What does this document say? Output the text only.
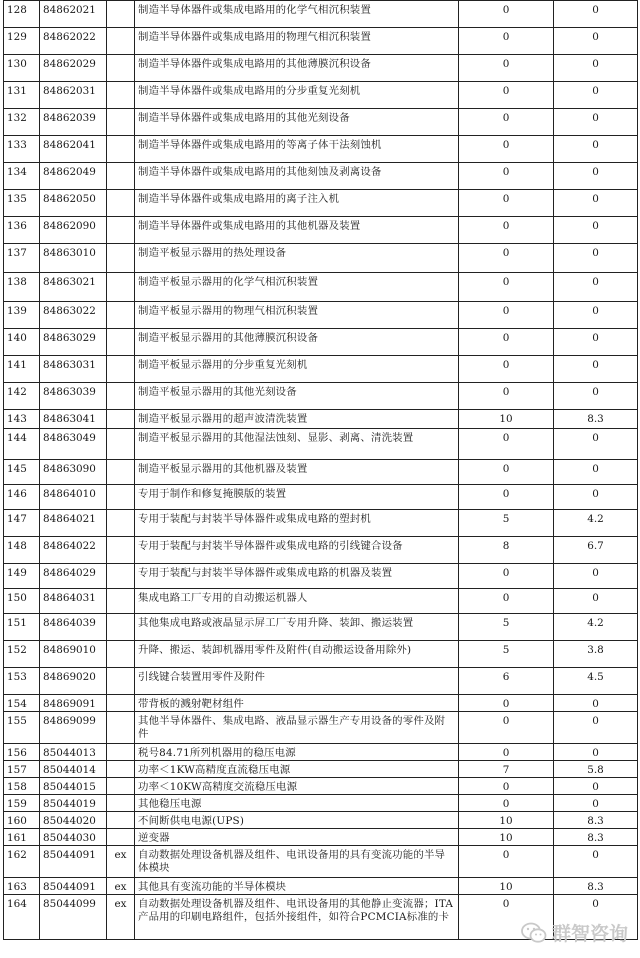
128	84862021		制造半导体器件或集成电路用的化学气相沉积装置	0	0
129	84862022		制造半导体器件或集成电路用的物理气相沉积装置	0	0
130	84862029		制造半导体器件或集成电路用的其他薄膜沉积设备	0	0
131	84862031		制造半导体器件或集成电路用的分步重复光刻机	0	0
132	84862039		制造半导体器件或集成电路用的其他光刻设备	0	0
133	84862041		制造半导体器件或集成电路用的等离子体干法刻蚀机	0	0
134	84862049		制造半导体器件或集成电路用的其他刻蚀及剥离设备	0	0
135	84862050		制造半导体器件或集成电路用的离子注入机	0	0
136	84862090		制造半导体器件或集成电路用的其他机器及装置	0	0
137	84863010		制造平板显示器用的热处理设备	0	0
138	84863021		制造平板显示器用的化学气相沉积装置	0	0
139	84863022		制造平板显示器用的物理气相沉积装置	0	0
140	84863029		制造平板显示器用的其他薄膜沉积设备	0	0
141	84863031		制造平板显示器用的分步重复光刻机	0	0
142	84863039		制造平板显示器用的其他光刻设备	0	0
143	84863041		制造平板显示器用的超声波清洗装置	10	8.3
144	84863049		制造平板显示器用的其他湿法蚀刻、显影、剥离、清洗装置	0	0
145	84863090		制造平板显示器用的其他机器及装置	0	0
146	84864010		专用于制作和修复掩膜版的装置	0	0
147	84864021		专用于装配与封装半导体器件或集成电路的塑封机	5	4.2
148	84864022		专用于装配与封装半导体器件或集成电路的引线键合设备	8	6.7
149	84864029		专用于装配与封装半导体器件或集成电路的机器及装置	0	0
150	84864031		集成电路工厂专用的自动搬运机器人	0	0
151	84864039		其他集成电路或液晶显示屏工厂专用升降、装卸、搬运装置	5	4.2
152	84869010		升降、搬运、装卸机器用零件及附件(自动搬运设备用除外)	5	3.8
153	84869020		引线键合装置用零件及附件	6	4.5
154	84869091		带背板的溅射靶材组件	0	0
155	84869099		其他半导体器件、集成电路、液晶显示器生产专用设备的零件及附件	0	0
156	85044013		税号84.71所列机器用的稳压电源	0	0
157	85044014		功率＜1KW高精度直流稳压电源	7	5.8
158	85044015		功率＜10KW高精度交流稳压电源	0	0
159	85044019		其他稳压电源	0	0
160	85044020		不间断供电电源(UPS)	10	8.3
161	85044030		逆变器	10	8.3
162	85044091	ex	自动数据处理设备机器及组件、电讯设备用的具有变流功能的半导体模块	0	0
163	85044091	ex	其他具有变流功能的半导体模块	10	8.3
164	85044099	ex	自动数据处理设备机器及组件、电讯设备用的其他静止变流器；ITA产品用的印刷电路组件，包括外接组件，如符合PCMCIA标准的卡	0	0
群智咨询
